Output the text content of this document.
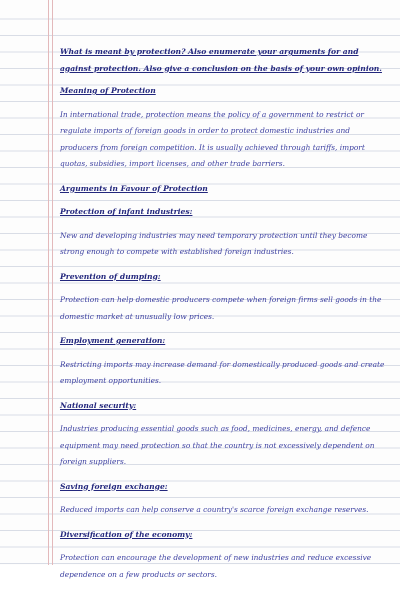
What is meant by protection? Also enumerate your arguments for and against protection. Also give a conclusion on the basis of your own opinion.
Meaning of Protection
In international trade, protection means the policy of a government to restrict or regulate imports of foreign goods in order to protect domestic industries and producers from foreign competition. It is usually achieved through tariffs, import quotas, subsidies, import licenses, and other trade barriers.
Arguments in Favour of Protection
Protection of infant industries:
New and developing industries may need temporary protection until they become strong enough to compete with established foreign industries.
Prevention of dumping:
Protection can help domestic producers compete when foreign firms sell goods in the domestic market at unusually low prices.
Employment generation:
Restricting imports may increase demand for domestically produced goods and create employment opportunities.
National security:
Industries producing essential goods such as food, medicines, energy, and defence equipment may need protection so that the country is not excessively dependent on foreign suppliers.
Saving foreign exchange:
Reduced imports can help conserve a country's scarce foreign exchange reserves.
Diversification of the economy:
Protection can encourage the development of new industries and reduce excessive dependence on a few products or sectors.
